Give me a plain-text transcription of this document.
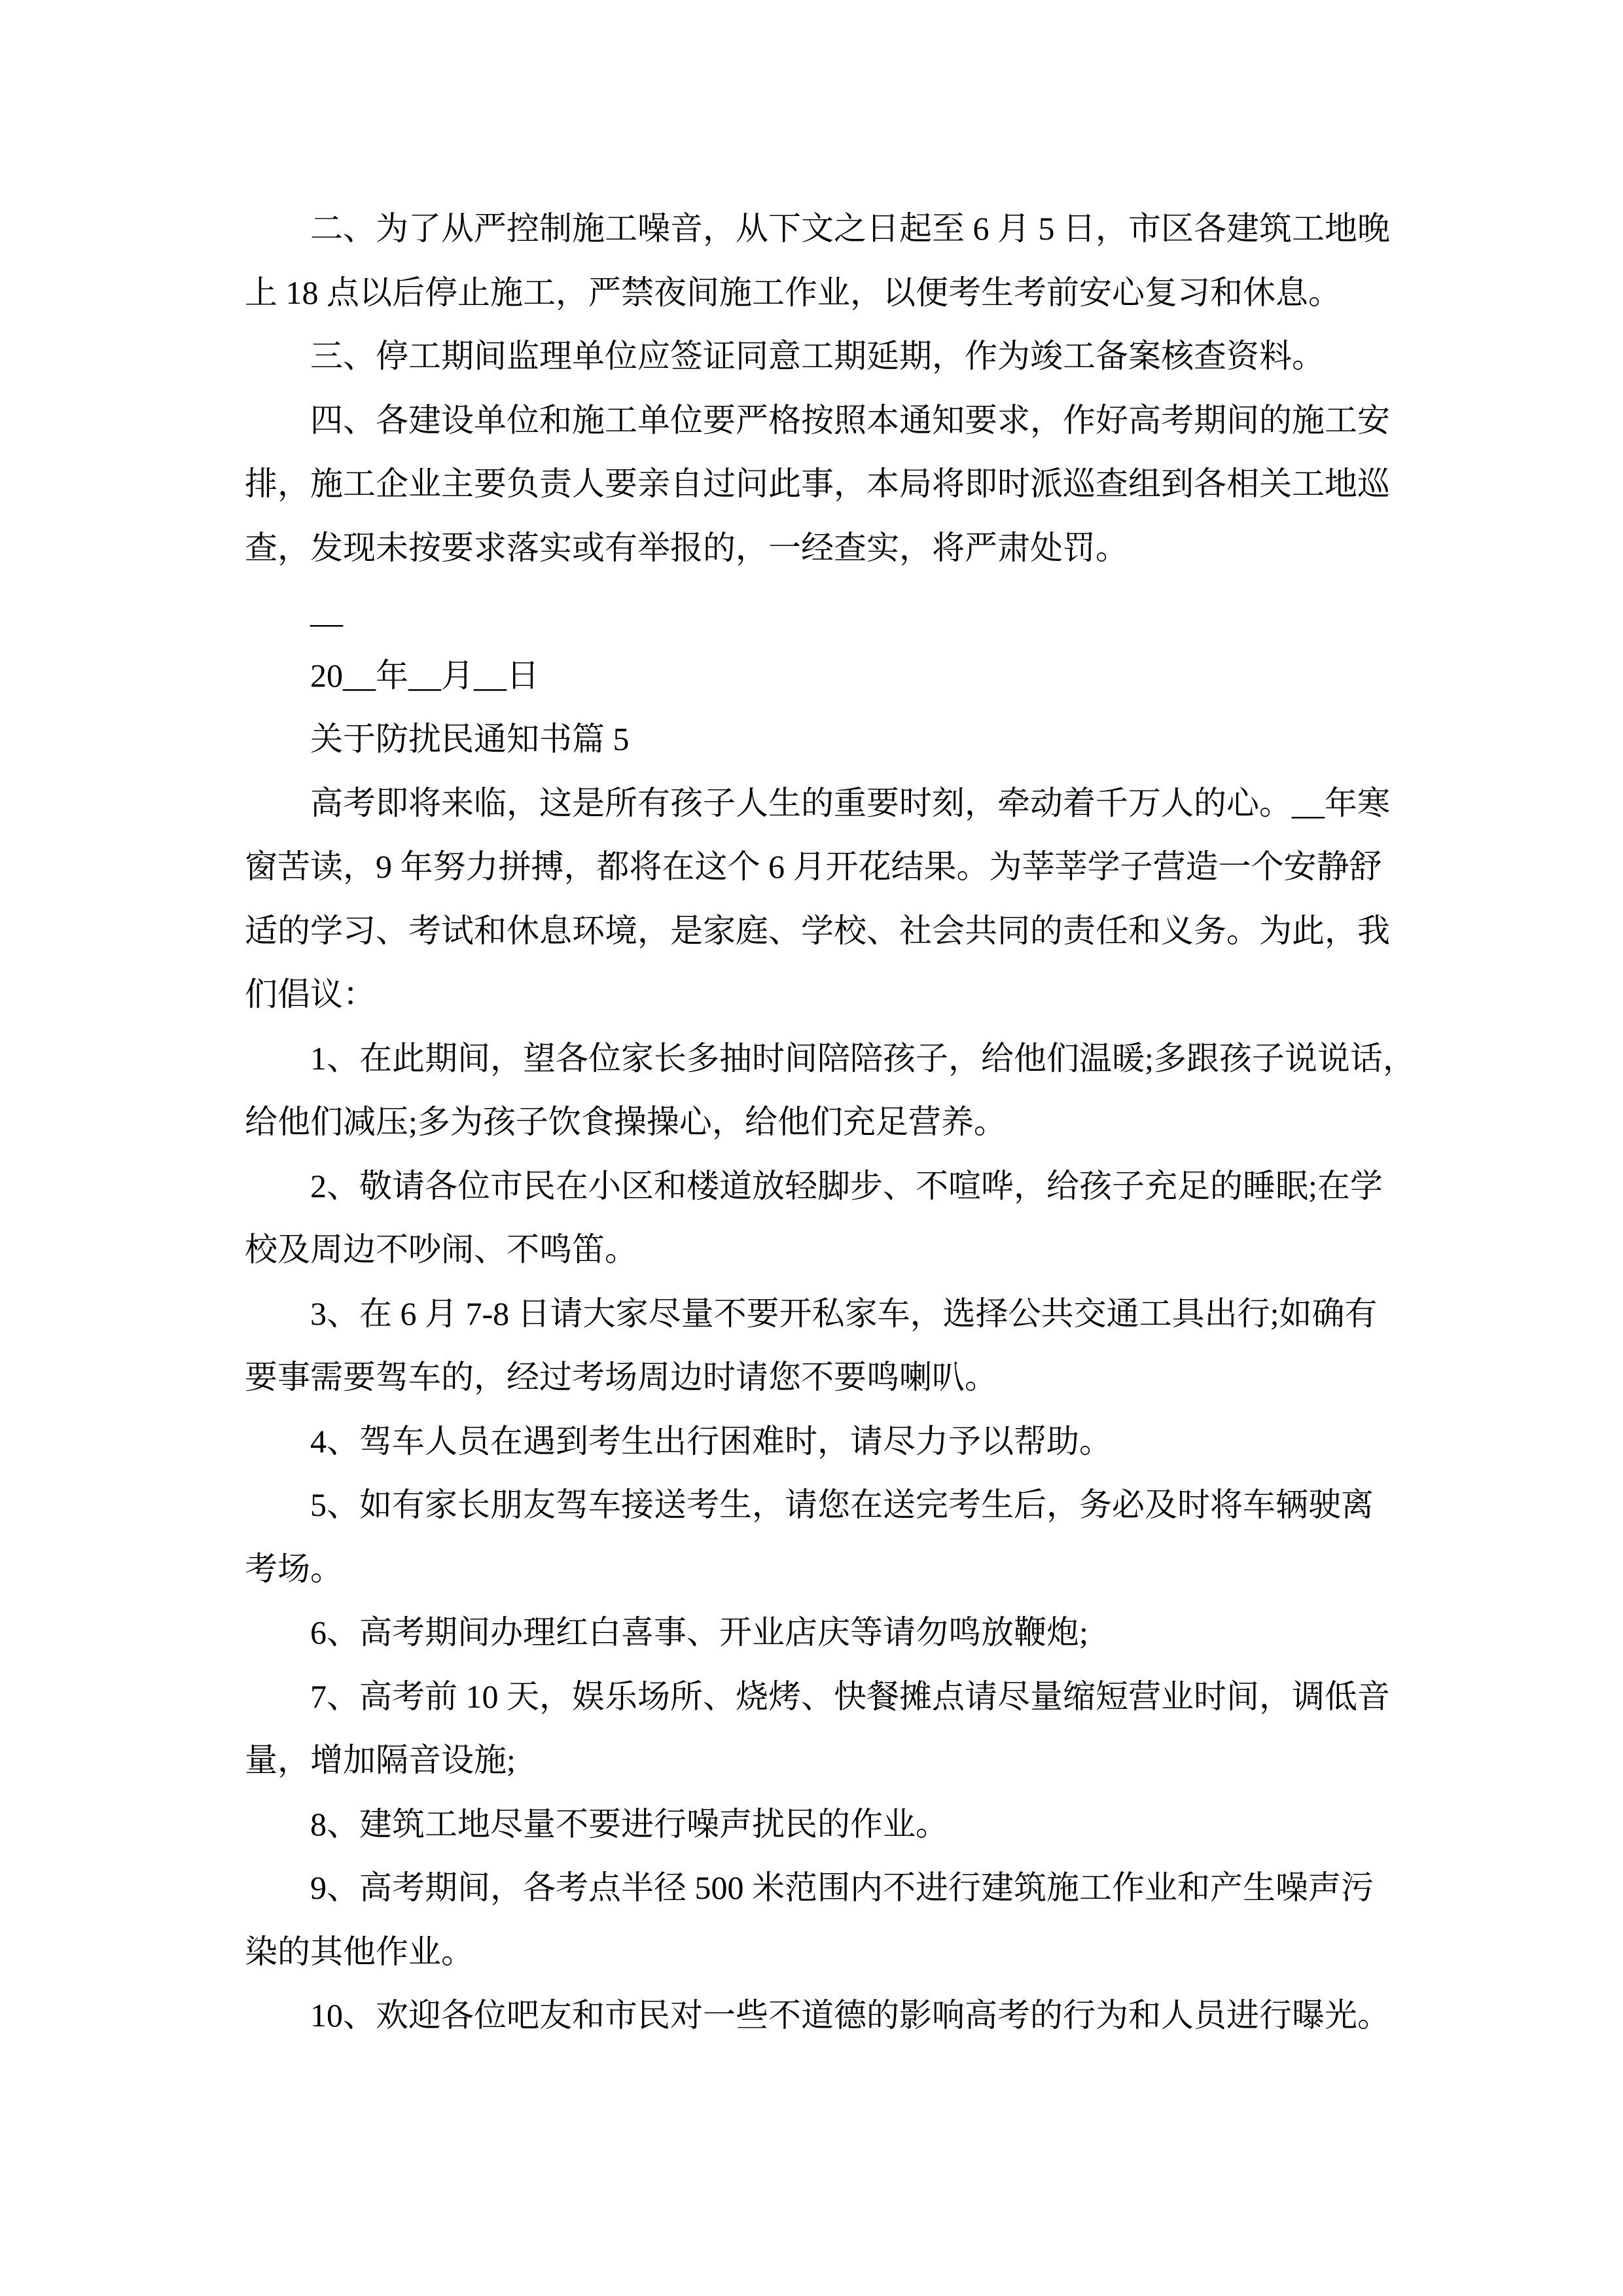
二、为了从严控制施工噪音，从下文之日起至 6 月 5 日，市区各建筑工地晚
上 18 点以后停止施工，严禁夜间施工作业，以便考生考前安心复习和休息。
三、停工期间监理单位应签证同意工期延期，作为竣工备案核查资料。
四、各建设单位和施工单位要严格按照本通知要求，作好高考期间的施工安
排，施工企业主要负责人要亲自过问此事，本局将即时派巡查组到各相关工地巡
查，发现未按要求落实或有举报的，一经查实，将严肃处罚。
__
20__年__月__日
关于防扰民通知书篇 5
高考即将来临，这是所有孩子人生的重要时刻，牵动着千万人的心。__年寒
窗苦读，9 年努力拼搏，都将在这个 6 月开花结果。为莘莘学子营造一个安静舒
适的学习、考试和休息环境，是家庭、学校、社会共同的责任和义务。为此，我
们倡议：
1、在此期间，望各位家长多抽时间陪陪孩子，给他们温暖;多跟孩子说说话，
给他们减压;多为孩子饮食操操心，给他们充足营养。
2、敬请各位市民在小区和楼道放轻脚步、不喧哗，给孩子充足的睡眠;在学
校及周边不吵闹、不鸣笛。
3、在 6 月 7-8 日请大家尽量不要开私家车，选择公共交通工具出行;如确有
要事需要驾车的，经过考场周边时请您不要鸣喇叭。
4、驾车人员在遇到考生出行困难时，请尽力予以帮助。
5、如有家长朋友驾车接送考生，请您在送完考生后，务必及时将车辆驶离
考场。
6、高考期间办理红白喜事、开业店庆等请勿鸣放鞭炮;
7、高考前 10 天，娱乐场所、烧烤、快餐摊点请尽量缩短营业时间，调低音
量，增加隔音设施;
8、建筑工地尽量不要进行噪声扰民的作业。
9、高考期间，各考点半径 500 米范围内不进行建筑施工作业和产生噪声污
染的其他作业。
10、欢迎各位吧友和市民对一些不道德的影响高考的行为和人员进行曝光。
